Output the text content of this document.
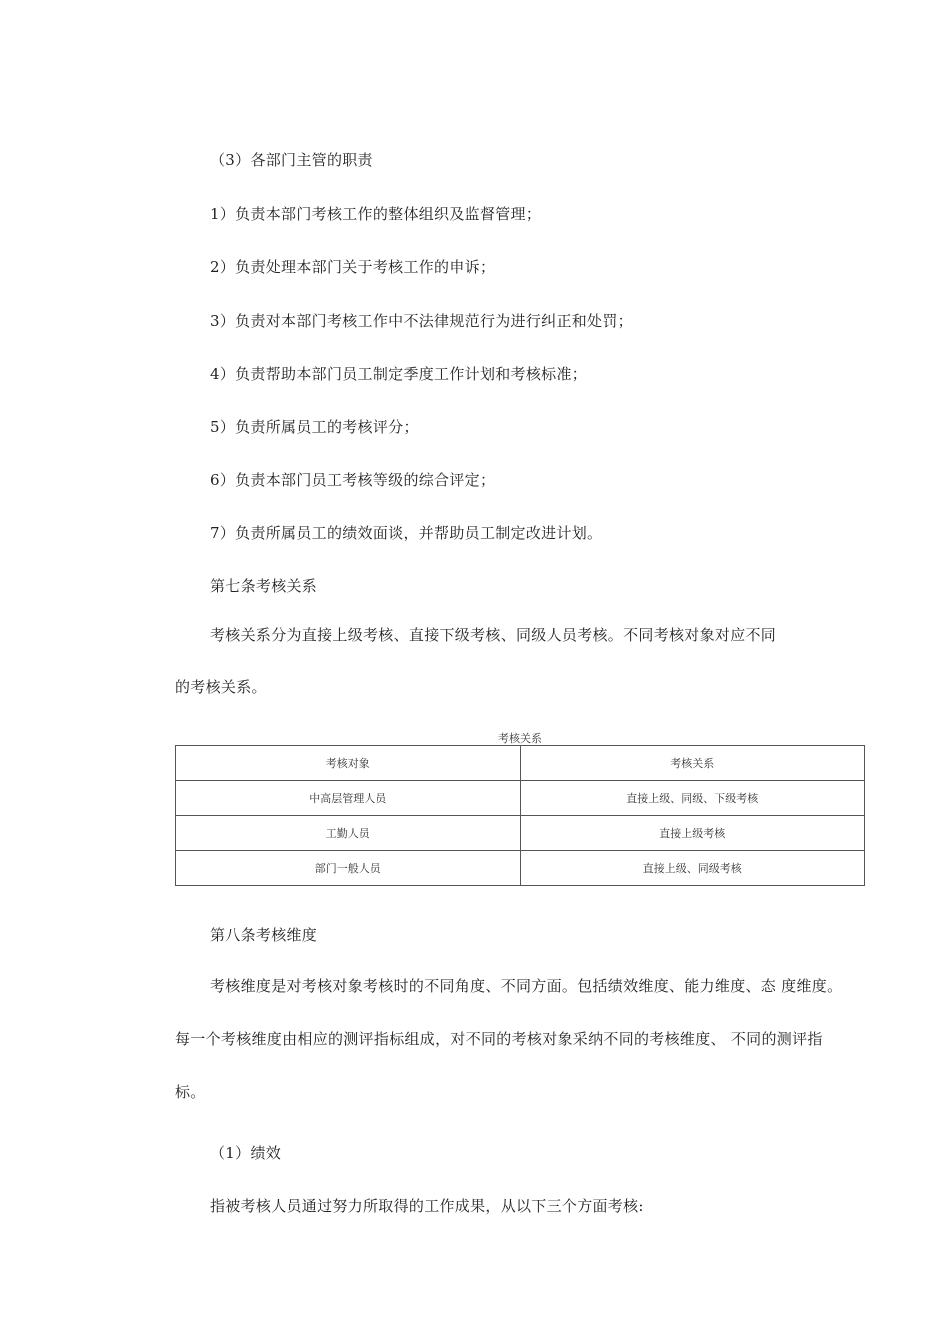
（3）各部门主管的职责
1）负责本部门考核工作的整体组织及监督管理；
2）负责处理本部门关于考核工作的申诉；
3）负责对本部门考核工作中不法律规范行为进行纠正和处罚；
4）负责帮助本部门员工制定季度工作计划和考核标准；
5）负责所属员工的考核评分；
6）负责本部门员工考核等级的综合评定；
7）负责所属员工的绩效面谈，并帮助员工制定改进计划。
第七条考核关系
考核关系分为直接上级考核、直接下级考核、同级人员考核。不同考核对象对应不同
的考核关系。
考核关系
考核对象	考核关系
中高层管理人员	直接上级、同级、下级考核
工勤人员	直接上级考核
部门一般人员	直接上级、同级考核
第八条考核维度
考核维度是对考核对象考核时的不同角度、不同方面。包括绩效维度、能力维度、态 度维度。
每一个考核维度由相应的测评指标组成，对不同的考核对象采纳不同的考核维度、 不同的测评指
标。
（1）绩效
指被考核人员通过努力所取得的工作成果，从以下三个方面考核:
